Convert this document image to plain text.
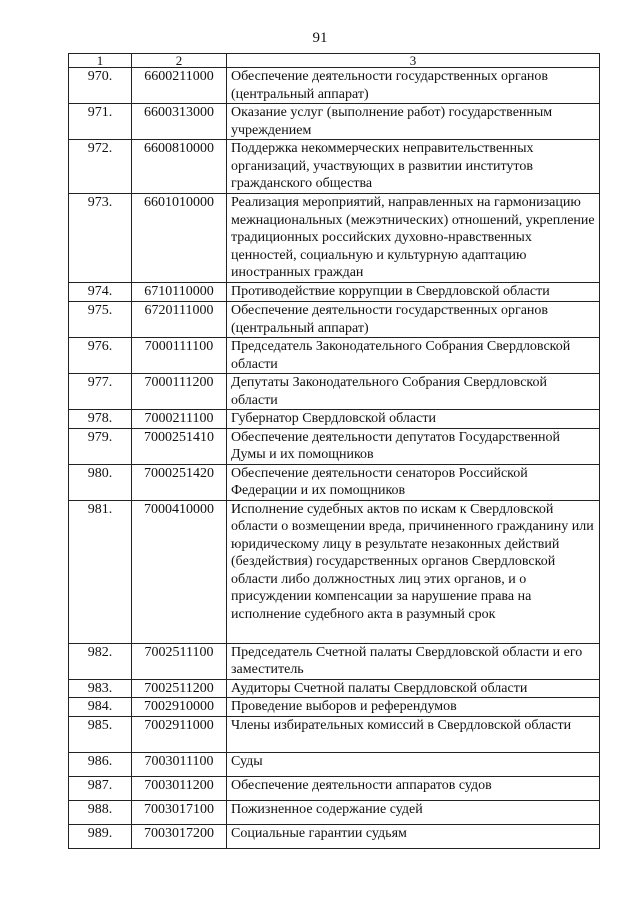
91
1	2	3
970.	6600211000	Обеспечение деятельности государственных органов (центральный аппарат)
971.	6600313000	Оказание услуг (выполнение работ) государственным учреждением
972.	6600810000	Поддержка некоммерческих неправительственных организаций, участвующих в развитии институтов гражданского общества
973.	6601010000	Реализация мероприятий, направленных на гармонизацию межнациональных (межэтнических) отношений, укрепление традиционных российских духовно-нравственных ценностей, социальную и культурную адаптацию иностранных граждан
974.	6710110000	Противодействие коррупции в Свердловской области
975.	6720111000	Обеспечение деятельности государственных органов (центральный аппарат)
976.	7000111100	Председатель Законодательного Собрания Свердловской области
977.	7000111200	Депутаты Законодательного Собрания Свердловской области
978.	7000211100	Губернатор Свердловской области
979.	7000251410	Обеспечение деятельности депутатов Государственной Думы и их помощников
980.	7000251420	Обеспечение деятельности сенаторов Российской Федерации и их помощников
981.	7000410000	Исполнение судебных актов по искам к Свердловской области о возмещении вреда, причиненного гражданину или юридическому лицу в результате незаконных действий (бездействия) государственных органов Свердловской области либо должностных лиц этих органов, и о присуждении компенсации за нарушение права на исполнение судебного акта в разумный срок
982.	7002511100	Председатель Счетной палаты Свердловской области и его заместитель
983.	7002511200	Аудиторы Счетной палаты Свердловской области
984.	7002910000	Проведение выборов и референдумов
985.	7002911000	Члены избирательных комиссий в Свердловской области
986.	7003011100	Суды
987.	7003011200	Обеспечение деятельности аппаратов судов
988.	7003017100	Пожизненное содержание судей
989.	7003017200	Социальные гарантии судьям
